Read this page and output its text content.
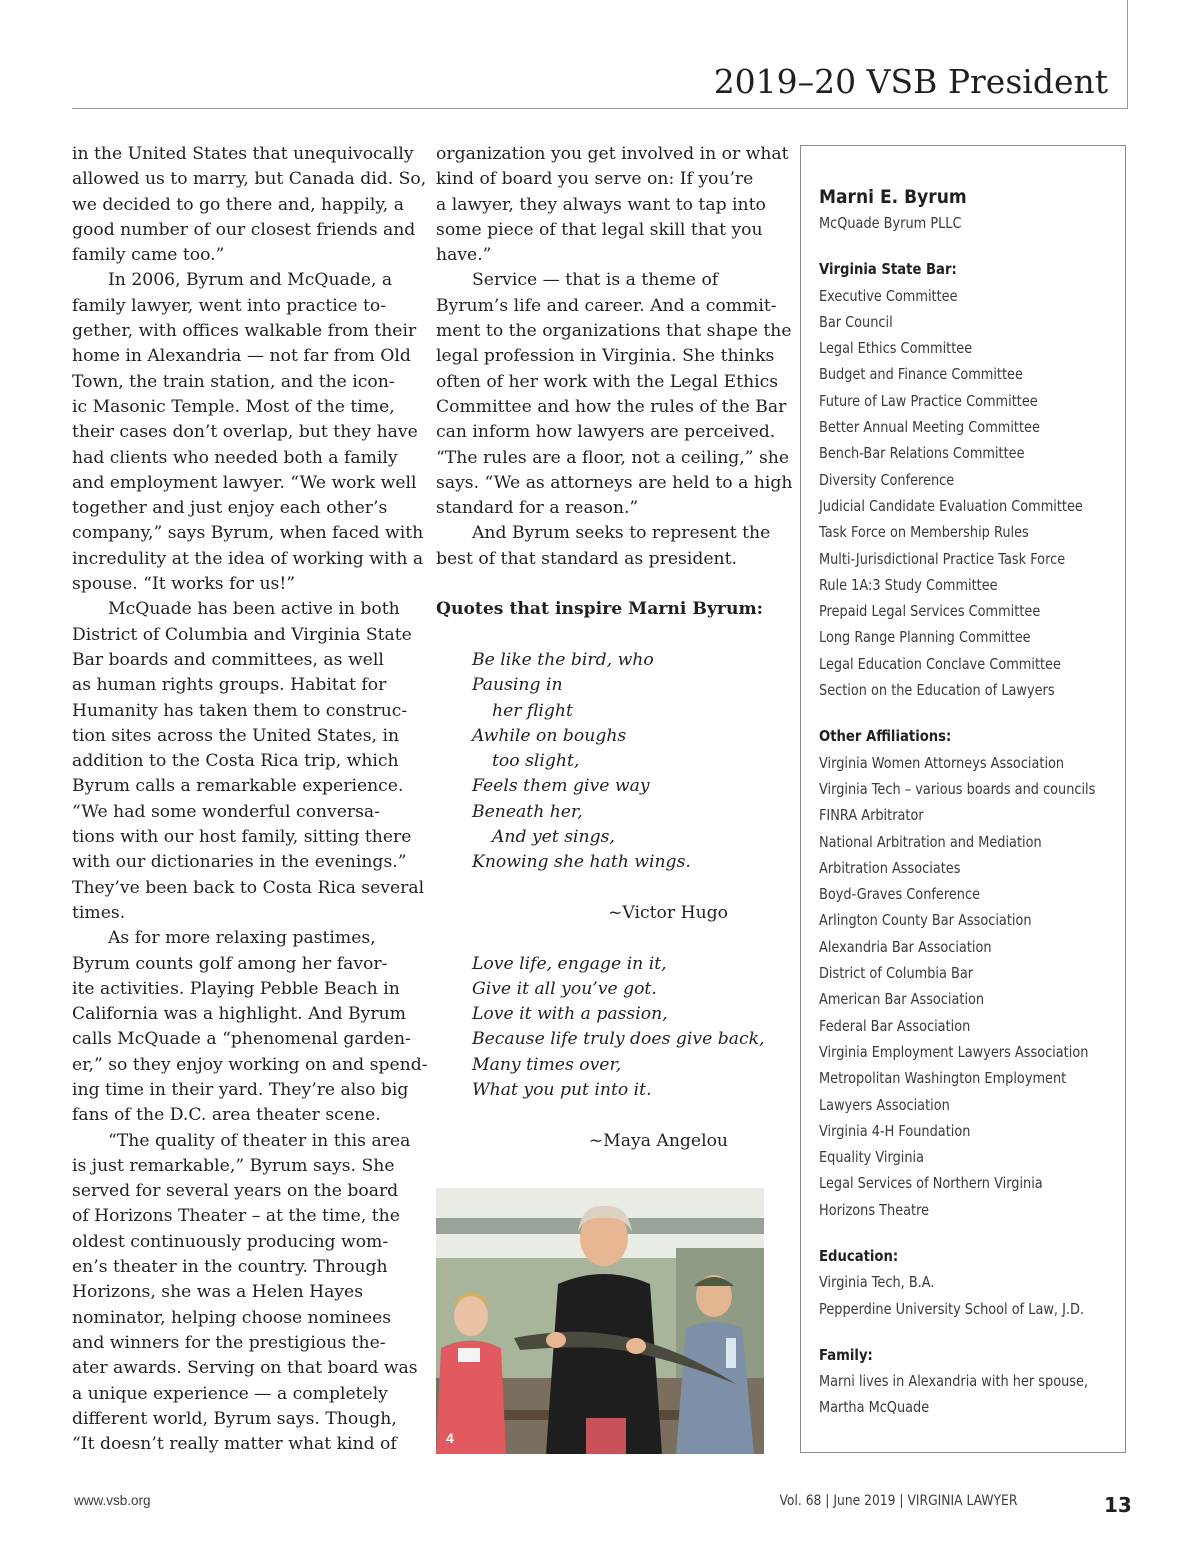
2019–20 VSB President
in the United States that unequivocally
allowed us to marry, but Canada did. So,
we decided to go there and, happily, a
good number of our closest friends and
family came too.”
In 2006, Byrum and McQuade, a
family lawyer, went into practice to-
gether, with offices walkable from their
home in Alexandria — not far from Old
Town, the train station, and the icon-
ic Masonic Temple. Most of the time,
their cases don’t overlap, but they have
had clients who needed both a family
and employment lawyer. “We work well
together and just enjoy each other’s
company,” says Byrum, when faced with
incredulity at the idea of working with a
spouse. “It works for us!”
McQuade has been active in both
District of Columbia and Virginia State
Bar boards and committees, as well
as human rights groups. Habitat for
Humanity has taken them to construc-
tion sites across the United States, in
addition to the Costa Rica trip, which
Byrum calls a remarkable experience.
“We had some wonderful conversa-
tions with our host family, sitting there
with our dictionaries in the evenings.”
They’ve been back to Costa Rica several
times.
As for more relaxing pastimes,
Byrum counts golf among her favor-
ite activities. Playing Pebble Beach in
California was a highlight. And Byrum
calls McQuade a “phenomenal garden-
er,” so they enjoy working on and spend-
ing time in their yard. They’re also big
fans of the D.C. area theater scene.
“The quality of theater in this area
is just remarkable,” Byrum says. She
served for several years on the board
of Horizons Theater – at the time, the
oldest continuously producing wom-
en’s theater in the country. Through
Horizons, she was a Helen Hayes
nominator, helping choose nominees
and winners for the prestigious the-
ater awards. Serving on that board was
a unique experience — a completely
different world, Byrum says. Though,
“It doesn’t really matter what kind of
organization you get involved in or what
kind of board you serve on: If you’re
a lawyer, they always want to tap into
some piece of that legal skill that you
have.”
Service — that is a theme of
Byrum’s life and career. And a commit-
ment to the organizations that shape the
legal profession in Virginia. She thinks
often of her work with the Legal Ethics
Committee and how the rules of the Bar
can inform how lawyers are perceived.
“The rules are a floor, not a ceiling,” she
says. “We as attorneys are held to a high
standard for a reason.”
And Byrum seeks to represent the
best of that standard as president.
Quotes that inspire Marni Byrum:
Be like the bird, who
Pausing in
her flight
Awhile on boughs
too slight,
Feels them give way
Beneath her,
And yet sings,
Knowing she hath wings.
~Victor Hugo
Love life, engage in it,
Give it all you’ve got.
Love it with a passion,
Because life truly does give back,
Many times over,
What you put into it.
~Maya Angelou
4
Marni E. Byrum
McQuade Byrum PLLC
Virginia State Bar:
Executive Committee
Bar Council
Legal Ethics Committee
Budget and Finance Committee
Future of Law Practice Committee
Better Annual Meeting Committee
Bench-Bar Relations Committee
Diversity Conference
Judicial Candidate Evaluation Committee
Task Force on Membership Rules
Multi-Jurisdictional Practice Task Force
Rule 1A:3 Study Committee
Prepaid Legal Services Committee
Long Range Planning Committee
Legal Education Conclave Committee
Section on the Education of Lawyers
Other Affiliations:
Virginia Women Attorneys Association
Virginia Tech – various boards and councils
FINRA Arbitrator
National Arbitration and Mediation
Arbitration Associates
Boyd-Graves Conference
Arlington County Bar Association
Alexandria Bar Association
District of Columbia Bar
American Bar Association
Federal Bar Association
Virginia Employment Lawyers Association
Metropolitan Washington Employment
Lawyers Association
Virginia 4-H Foundation
Equality Virginia
Legal Services of Northern Virginia
Horizons Theatre
Education:
Virginia Tech, B.A.
Pepperdine University School of Law, J.D.
Family:
Marni lives in Alexandria with her spouse,
Martha McQuade
www.vsb.org	Vol. 68 | June 2019 | VIRGINIA LAWYER	13
